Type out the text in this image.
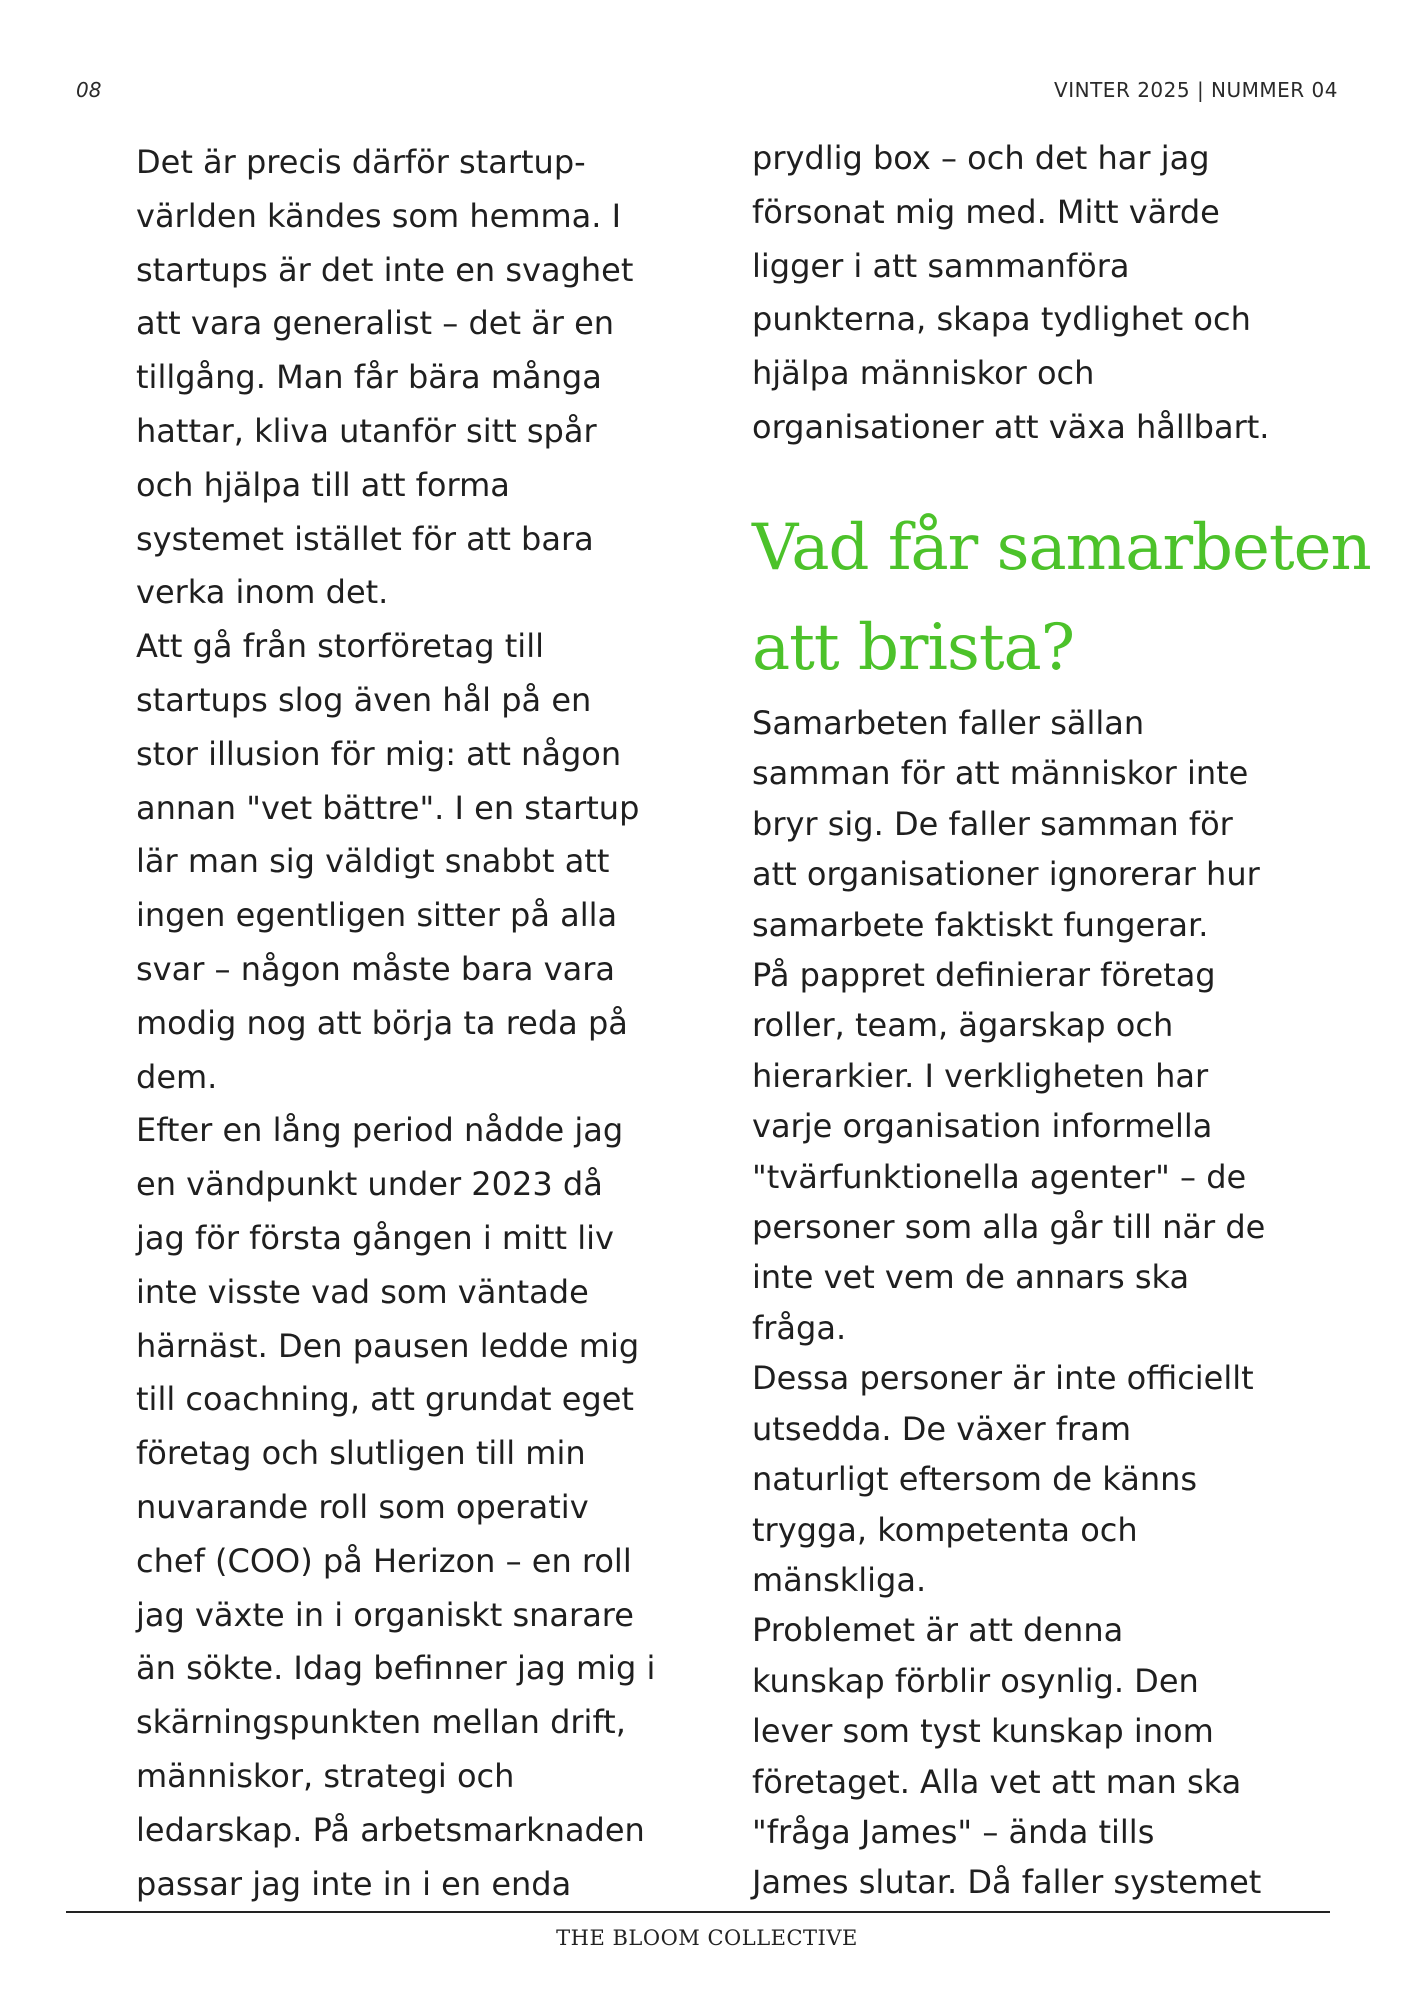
08	VINTER 2025 | NUMMER 04

Det är precis därför startup-

världen kändes som hemma. I

startups är det inte en svaghet

att vara generalist – det är en

tillgång. Man får bära många

hattar, kliva utanför sitt spår

och hjälpa till att forma

systemet istället för att bara

verka inom det.

Att gå från storföretag till

startups slog även hål på en

stor illusion för mig: att någon

annan "vet bättre". I en startup

lär man sig väldigt snabbt att

ingen egentligen sitter på alla

svar – någon måste bara vara

modig nog att börja ta reda på

dem.

Efter en lång period nådde jag

en vändpunkt under 2023 då

jag för första gången i mitt liv

inte visste vad som väntade

härnäst. Den pausen ledde mig

till coachning, att grundat eget

företag och slutligen till min

nuvarande roll som operativ

chef (COO) på Herizon – en roll

jag växte in i organiskt snarare

än sökte. Idag befinner jag mig i

skärningspunkten mellan drift,

människor, strategi och

ledarskap. På arbetsmarknaden

passar jag inte in i en enda

prydlig box – och det har jag

försonat mig med. Mitt värde

ligger i att sammanföra

punkterna, skapa tydlighet och

hjälpa människor och

organisationer att växa hållbart.

Vad får samarbeten
att brista?

Samarbeten faller sällan

samman för att människor inte

bryr sig. De faller samman för

att organisationer ignorerar hur

samarbete faktiskt fungerar.

På pappret definierar företag

roller, team, ägarskap och

hierarkier. I verkligheten har

varje organisation informella

"tvärfunktionella agenter" – de

personer som alla går till när de

inte vet vem de annars ska

fråga.

Dessa personer är inte officiellt

utsedda. De växer fram

naturligt eftersom de känns

trygga, kompetenta och

mänskliga.

Problemet är att denna

kunskap förblir osynlig. Den

lever som tyst kunskap inom

företaget. Alla vet att man ska

"fråga James" – ända tills

James slutar. Då faller systemet

THE BLOOM COLLECTIVE
